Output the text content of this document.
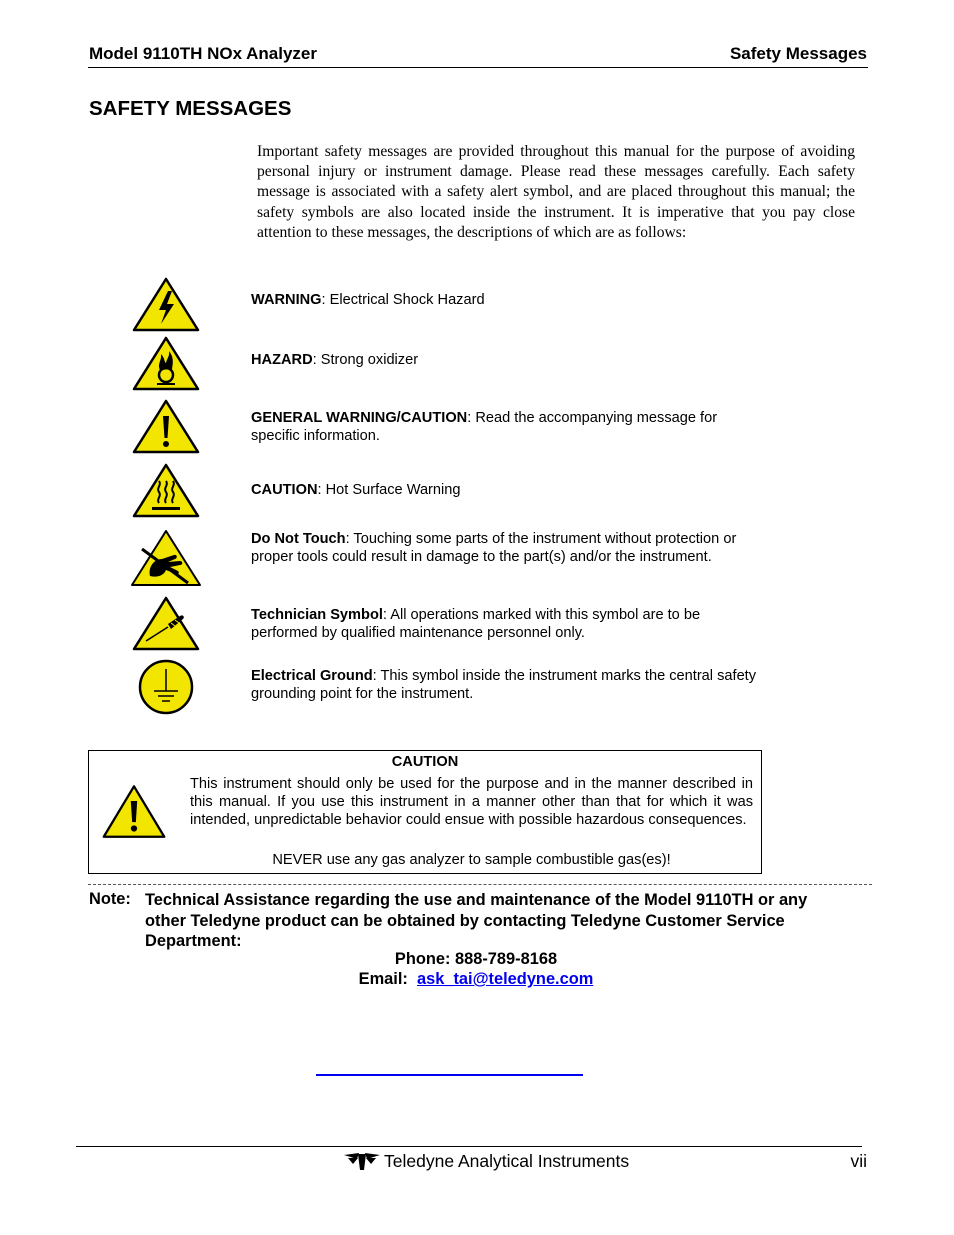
Model 9110TH NOx Analyzer	Safety Messages
SAFETY MESSAGES
Important safety messages are provided throughout this manual for the purpose of avoiding personal injury or instrument damage. Please read these messages carefully. Each safety message is associated with a safety alert symbol, and are placed throughout this manual; the safety symbols are also located inside the instrument. It is imperative that you pay close attention to these messages, the descriptions of which are as follows:
WARNING: Electrical Shock Hazard
HAZARD: Strong oxidizer
GENERAL WARNING/CAUTION: Read the accompanying message for specific information.
CAUTION: Hot Surface Warning
Do Not Touch: Touching some parts of the instrument without protection or proper tools could result in damage to the part(s) and/or the instrument.
Technician Symbol: All operations marked with this symbol are to be performed by qualified maintenance personnel only.
Electrical Ground: This symbol inside the instrument marks the central safety grounding point for the instrument.
CAUTION
This instrument should only be used for the purpose and in the manner described in this manual. If you use this instrument in a manner other than that for which it was intended, unpredictable behavior could ensue with possible hazardous consequences.
NEVER use any gas analyzer to sample combustible gas(es)!
Note: Technical Assistance regarding the use and maintenance of the Model 9110TH or any other Teledyne product can be obtained by contacting Teledyne Customer Service Department:
Phone: 888-789-8168
Email: ask_tai@teledyne.com
Teledyne Analytical Instruments	vii
